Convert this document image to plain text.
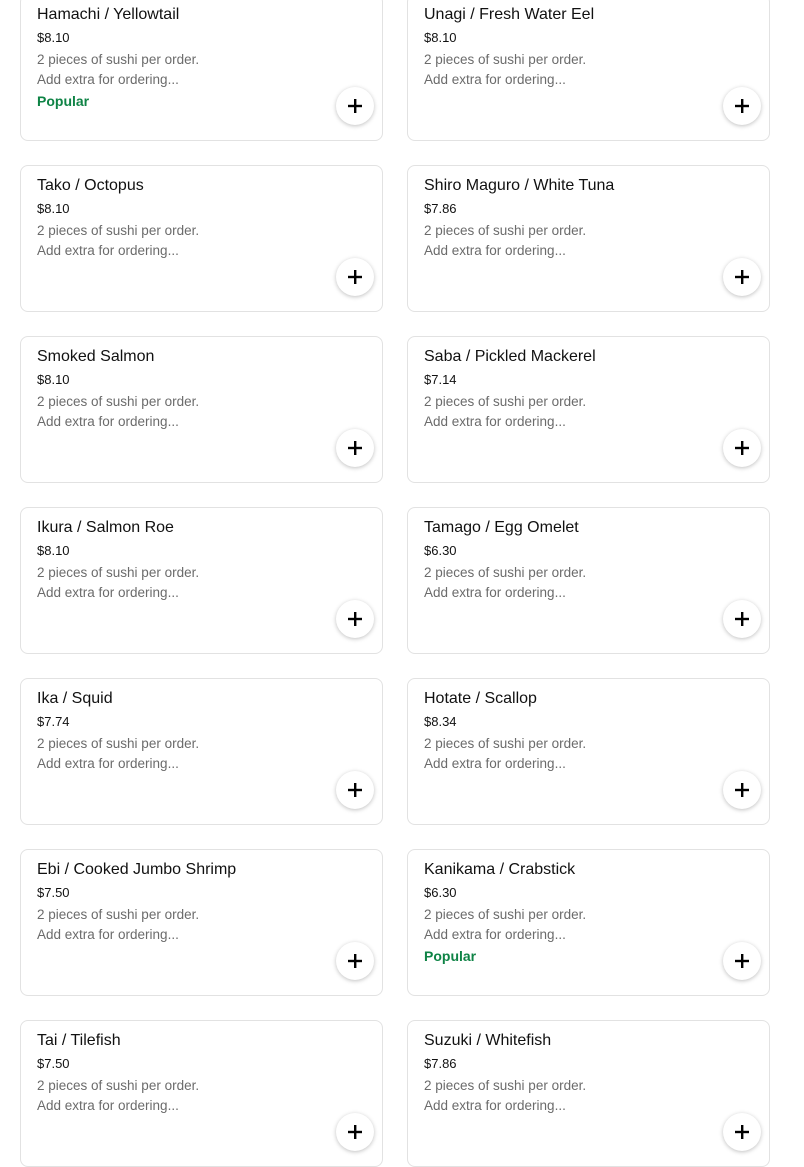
Hamachi / Yellowtail
$8.10
2 pieces of sushi per order.
Add extra for ordering...
Popular
Unagi / Fresh Water Eel
$8.10
2 pieces of sushi per order.
Add extra for ordering...
Tako / Octopus
$8.10
2 pieces of sushi per order.
Add extra for ordering...
Shiro Maguro / White Tuna
$7.86
2 pieces of sushi per order.
Add extra for ordering...
Smoked Salmon
$8.10
2 pieces of sushi per order.
Add extra for ordering...
Saba / Pickled Mackerel
$7.14
2 pieces of sushi per order.
Add extra for ordering...
Ikura / Salmon Roe
$8.10
2 pieces of sushi per order.
Add extra for ordering...
Tamago / Egg Omelet
$6.30
2 pieces of sushi per order.
Add extra for ordering...
Ika / Squid
$7.74
2 pieces of sushi per order.
Add extra for ordering...
Hotate / Scallop
$8.34
2 pieces of sushi per order.
Add extra for ordering...
Ebi / Cooked Jumbo Shrimp
$7.50
2 pieces of sushi per order.
Add extra for ordering...
Kanikama / Crabstick
$6.30
2 pieces of sushi per order.
Add extra for ordering...
Popular
Tai / Tilefish
$7.50
2 pieces of sushi per order.
Add extra for ordering...
Suzuki / Whitefish
$7.86
2 pieces of sushi per order.
Add extra for ordering...
